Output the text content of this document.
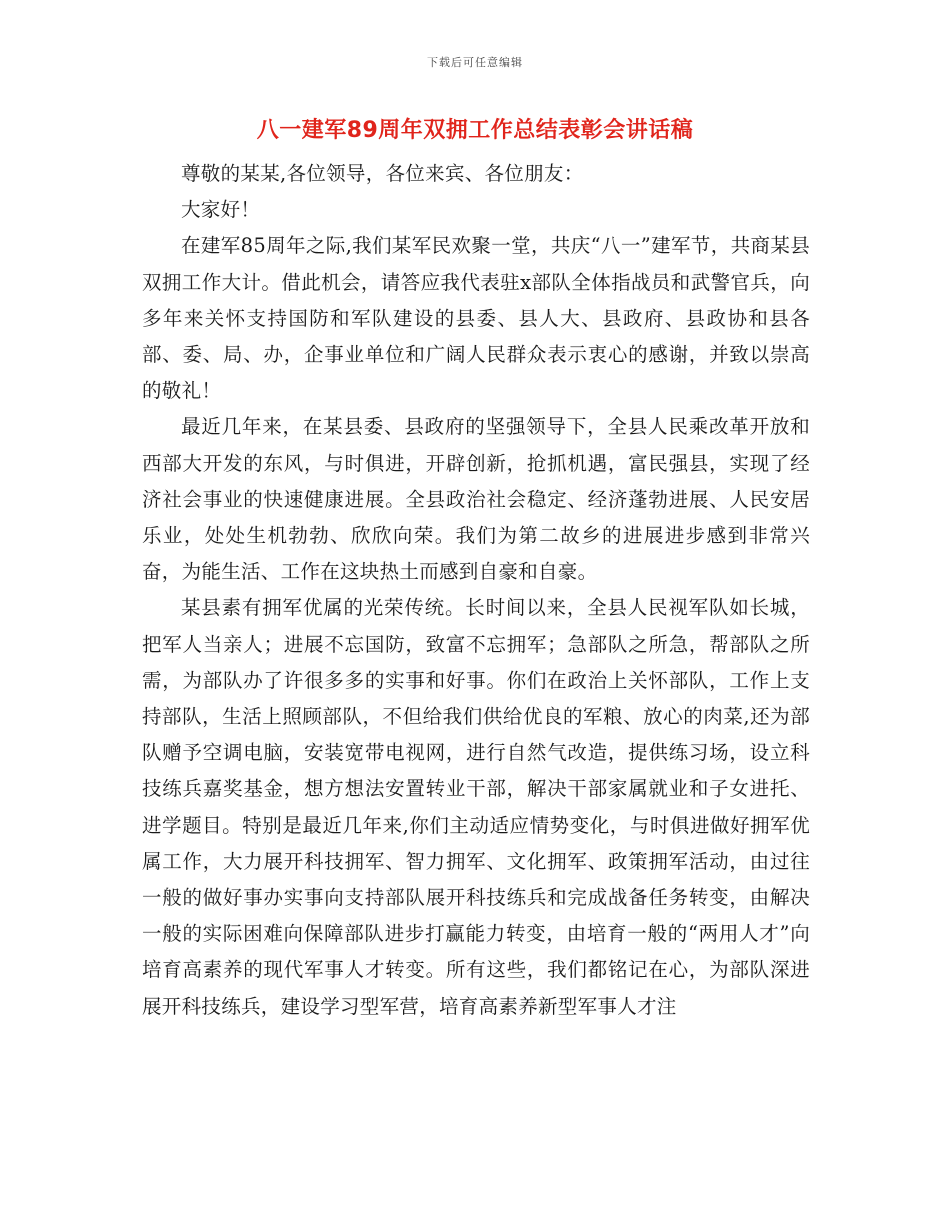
下载后可任意编辑
八一建军89周年双拥工作总结表彰会讲话稿

尊敬的某某,各位领导，各位来宾、各位朋友：

大家好！

在建军85周年之际,我们某军民欢聚一堂，共庆“八一”建军节，共商某县双拥工作大计。借此机会，请答应我代表驻x部队全体指战员和武警官兵，向多年来关怀支持国防和军队建设的县委、县人大、县政府、县政协和县各部、委、局、办，企事业单位和广阔人民群众表示衷心的感谢，并致以崇高的敬礼！

最近几年来，在某县委、县政府的坚强领导下，全县人民乘改革开放和西部大开发的东风，与时俱进，开辟创新，抢抓机遇，富民强县，实现了经济社会事业的快速健康进展。全县政治社会稳定、经济蓬勃进展、人民安居乐业，处处生机勃勃、欣欣向荣。我们为第二故乡的进展进步感到非常兴奋，为能生活、工作在这块热土而感到自豪和自豪。

某县素有拥军优属的光荣传统。长时间以来，全县人民视军队如长城，把军人当亲人；进展不忘国防，致富不忘拥军；急部队之所急，帮部队之所需，为部队办了许很多多的实事和好事。你们在政治上关怀部队，工作上支持部队，生活上照顾部队，不但给我们供给优良的军粮、放心的肉菜,还为部队赠予空调电脑，安装宽带电视网，进行自然气改造，提供练习场，设立科技练兵嘉奖基金，想方想法安置转业干部，解决干部家属就业和子女进托、进学题目。特别是最近几年来,你们主动适应情势变化，与时俱进做好拥军优属工作，大力展开科技拥军、智力拥军、文化拥军、政策拥军活动，由过往一般的做好事办实事向支持部队展开科技练兵和完成战备任务转变，由解决一般的实际困难向保障部队进步打赢能力转变，由培育一般的“两用人才”向培育高素养的现代军事人才转变。所有这些，我们都铭记在心，为部队深进展开科技练兵，建设学习型军营，培育高素养新型军事人才注
